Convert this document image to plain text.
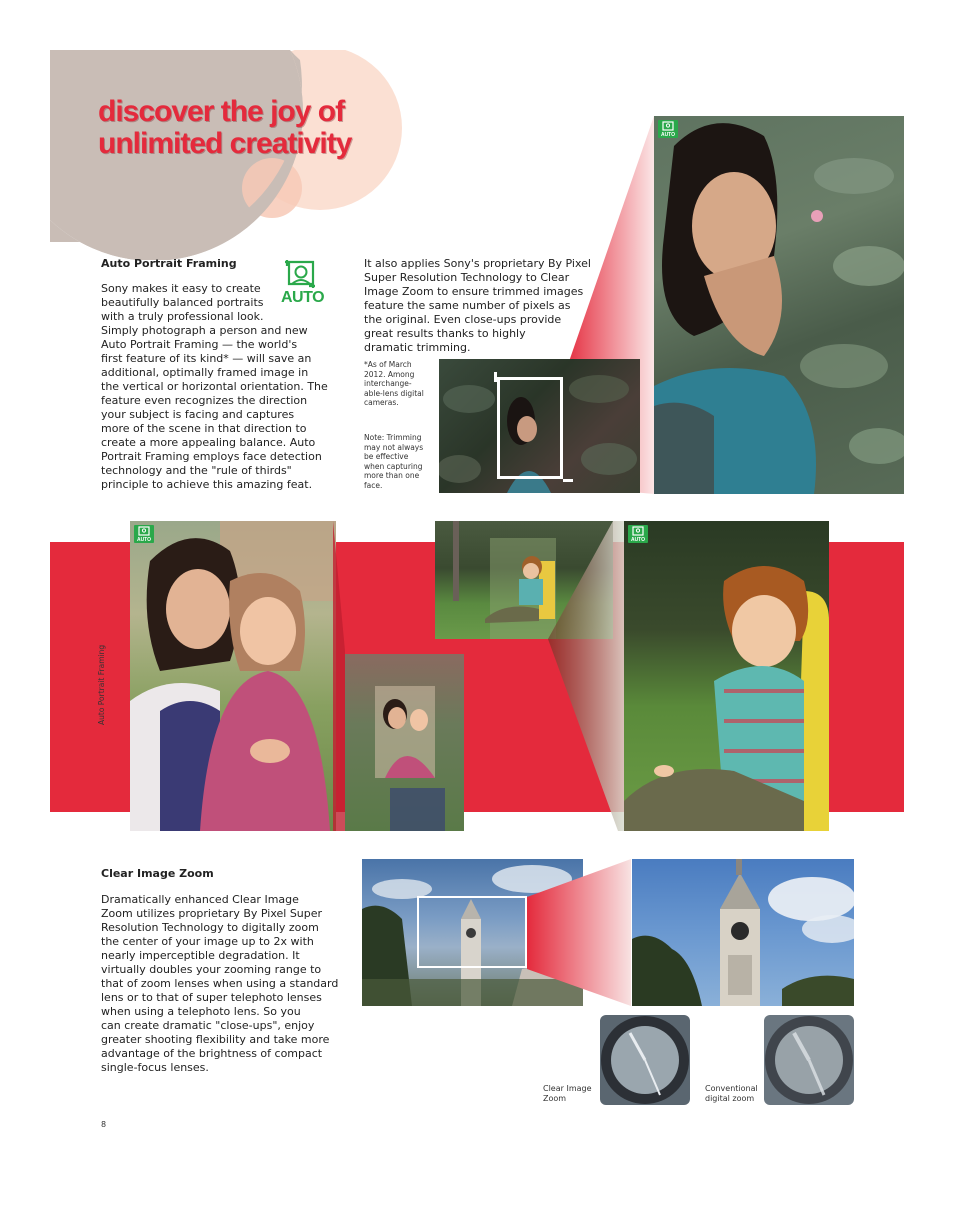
discover the joy of
unlimited creativity
Auto Portrait Framing
AUTO
Sony makes it easy to create
beautifully balanced portraits
with a truly professional look.
Simply photograph a person and new
Auto Portrait Framing — the world's
first feature of its kind* — will save an
additional, optimally framed image in
the vertical or horizontal orientation. The
feature even recognizes the direction
your subject is facing and captures
more of the scene in that direction to
create a more appealing balance. Auto
Portrait Framing employs face detection
technology and the "rule of thirds"
principle to achieve this amazing feat.
It also applies Sony's proprietary By Pixel
Super Resolution Technology to Clear
Image Zoom to ensure trimmed images
feature the same number of pixels as
the original. Even close-ups provide
great results thanks to highly
dramatic trimming.
*As of March
2012. Among
interchange-
able-lens digital
cameras.
Note: Trimming
may not always
be effective
when capturing
more than one
face.
AUTO
Auto Portrait Framing
AUTO	AUTO
Clear Image Zoom
Dramatically enhanced Clear Image
Zoom utilizes proprietary By Pixel Super
Resolution Technology to digitally zoom
the center of your image up to 2x with
nearly imperceptible degradation. It
virtually doubles your zooming range to
that of zoom lenses when using a standard
lens or to that of super telephoto lenses
when using a telephoto lens. So you
can create dramatic "close-ups", enjoy
greater shooting flexibility and take more
advantage of the brightness of compact
single-focus lenses.
Clear Image
Zoom
Conventional
digital zoom
8
